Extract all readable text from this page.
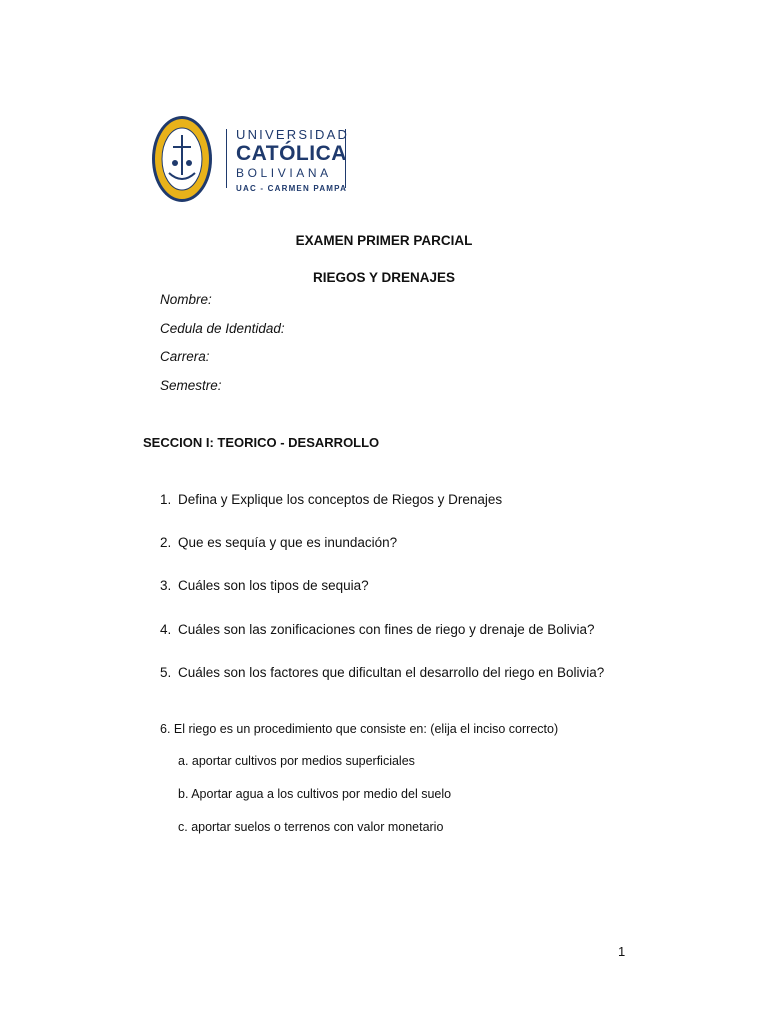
UNIVERSIDAD
CATÓLICA
BOLIVIANA
UAC - CARMEN PAMPA
EXAMEN PRIMER PARCIAL
RIEGOS Y DRENAJES
Nombre:
Cedula de Identidad:
Carrera:
Semestre:
SECCION I: TEORICO - DESARROLLO
1. Defina y Explique los conceptos de Riegos y Drenajes
2. Que es sequía y que es inundación?
3. Cuáles son los tipos de sequia?
4. Cuáles son las zonificaciones con fines de riego y drenaje de Bolivia?
5. Cuáles son los factores que dificultan el desarrollo del riego en Bolivia?
6. El riego es un procedimiento que consiste en: (elija el inciso correcto)
a. aportar cultivos por medios superficiales
b. Aportar agua a los cultivos por medio del suelo
c. aportar suelos o terrenos con valor monetario
1
